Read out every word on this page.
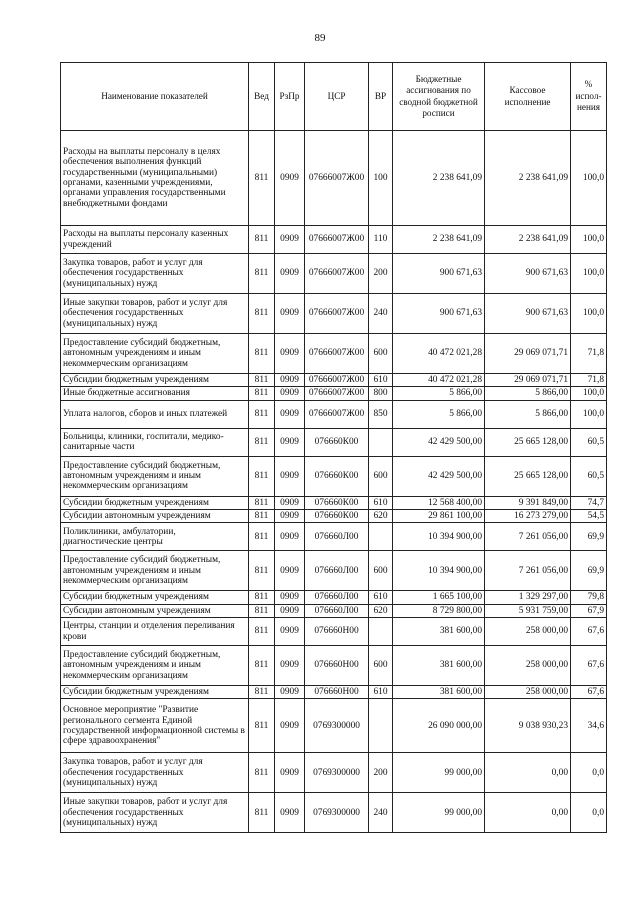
89
Наименование показателей	Вед	РзПр	ЦСР	ВР	Бюджетные ассигнования по сводной бюджетной росписи	Кассовое исполнение	% испол-нения
Расходы на выплаты персоналу в целях обеспечения выполнения функций государственными (муниципальными) органами, казенными учреждениями, органами управления государственными внебюджетными фондами	811	0909	07666007Ж00	100	2 238 641,09	2 238 641,09	100,0
Расходы на выплаты персоналу казенных учреждений	811	0909	07666007Ж00	110	2 238 641,09	2 238 641,09	100,0
Закупка товаров, работ и услуг для обеспечения государственных (муниципальных) нужд	811	0909	07666007Ж00	200	900 671,63	900 671,63	100,0
Иные закупки товаров, работ и услуг для обеспечения государственных (муниципальных) нужд	811	0909	07666007Ж00	240	900 671,63	900 671,63	100,0
Предоставление субсидий бюджетным, автономным учреждениям и иным некоммерческим организациям	811	0909	07666007Ж00	600	40 472 021,28	29 069 071,71	71,8
Субсидии бюджетным учреждениям	811	0909	07666007Ж00	610	40 472 021,28	29 069 071,71	71,8
Иные бюджетные ассигнования	811	0909	07666007Ж00	800	5 866,00	5 866,00	100,0
Уплата налогов, сборов и иных платежей	811	0909	07666007Ж00	850	5 866,00	5 866,00	100,0
Больницы, клиники, госпитали, медико-санитарные части	811	0909	076660К00		42 429 500,00	25 665 128,00	60,5
Предоставление субсидий бюджетным, автономным учреждениям и иным некоммерческим организациям	811	0909	076660К00	600	42 429 500,00	25 665 128,00	60,5
Субсидии бюджетным учреждениям	811	0909	076660К00	610	12 568 400,00	9 391 849,00	74,7
Субсидии автономным учреждениям	811	0909	076660К00	620	29 861 100,00	16 273 279,00	54,5
Поликлиники, амбулатории, диагностические центры	811	0909	076660Л00		10 394 900,00	7 261 056,00	69,9
Предоставление субсидий бюджетным, автономным учреждениям и иным некоммерческим организациям	811	0909	076660Л00	600	10 394 900,00	7 261 056,00	69,9
Субсидии бюджетным учреждениям	811	0909	076660Л00	610	1 665 100,00	1 329 297,00	79,8
Субсидии автономным учреждениям	811	0909	076660Л00	620	8 729 800,00	5 931 759,00	67,9
Центры, станции и отделения переливания крови	811	0909	076660Н00		381 600,00	258 000,00	67,6
Предоставление субсидий бюджетным, автономным учреждениям и иным некоммерческим организациям	811	0909	076660Н00	600	381 600,00	258 000,00	67,6
Субсидии бюджетным учреждениям	811	0909	076660Н00	610	381 600,00	258 000,00	67,6
Основное мероприятие "Развитие регионального сегмента Единой государственной информационной системы в сфере здравоохранения"	811	0909	0769300000		26 090 000,00	9 038 930,23	34,6
Закупка товаров, работ и услуг для обеспечения государственных (муниципальных) нужд	811	0909	0769300000	200	99 000,00	0,00	0,0
Иные закупки товаров, работ и услуг для обеспечения государственных (муниципальных) нужд	811	0909	0769300000	240	99 000,00	0,00	0,0
